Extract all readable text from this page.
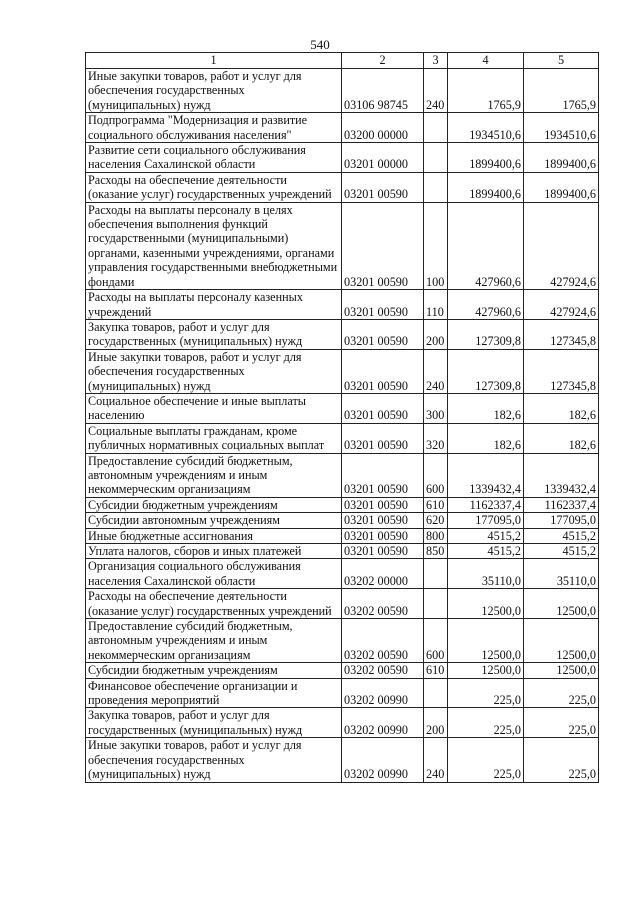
540
1	2	3	4	5
Иные закупки товаров, работ и услуг для обеспечения государственных (муниципальных) нужд	03106 98745	240	1765,9	1765,9
Подпрограмма "Модернизация и развитие социального обслуживания населения"	03200 00000		1934510,6	1934510,6
Развитие сети социального обслуживания населения Сахалинской области	03201 00000		1899400,6	1899400,6
Расходы на обеспечение деятельности (оказание услуг) государственных учреждений	03201 00590		1899400,6	1899400,6
Расходы на выплаты персоналу в целях обеспечения выполнения функций государственными (муниципальными) органами, казенными учреждениями, органами управления государственными внебюджетными фондами	03201 00590	100	427960,6	427924,6
Расходы на выплаты персоналу казенных учреждений	03201 00590	110	427960,6	427924,6
Закупка товаров, работ и услуг для государственных (муниципальных) нужд	03201 00590	200	127309,8	127345,8
Иные закупки товаров, работ и услуг для обеспечения государственных (муниципальных) нужд	03201 00590	240	127309,8	127345,8
Социальное обеспечение и иные выплаты населению	03201 00590	300	182,6	182,6
Социальные выплаты гражданам, кроме публичных нормативных социальных выплат	03201 00590	320	182,6	182,6
Предоставление субсидий бюджетным, автономным учреждениям и иным некоммерческим организациям	03201 00590	600	1339432,4	1339432,4
Субсидии бюджетным учреждениям	03201 00590	610	1162337,4	1162337,4
Субсидии автономным учреждениям	03201 00590	620	177095,0	177095,0
Иные бюджетные ассигнования	03201 00590	800	4515,2	4515,2
Уплата налогов, сборов и иных платежей	03201 00590	850	4515,2	4515,2
Организация социального обслуживания населения Сахалинской области	03202 00000		35110,0	35110,0
Расходы на обеспечение деятельности (оказание услуг) государственных учреждений	03202 00590		12500,0	12500,0
Предоставление субсидий бюджетным, автономным учреждениям и иным некоммерческим организациям	03202 00590	600	12500,0	12500,0
Субсидии бюджетным учреждениям	03202 00590	610	12500,0	12500,0
Финансовое обеспечение организации и проведения мероприятий	03202 00990		225,0	225,0
Закупка товаров, работ и услуг для государственных (муниципальных) нужд	03202 00990	200	225,0	225,0
Иные закупки товаров, работ и услуг для обеспечения государственных (муниципальных) нужд	03202 00990	240	225,0	225,0
